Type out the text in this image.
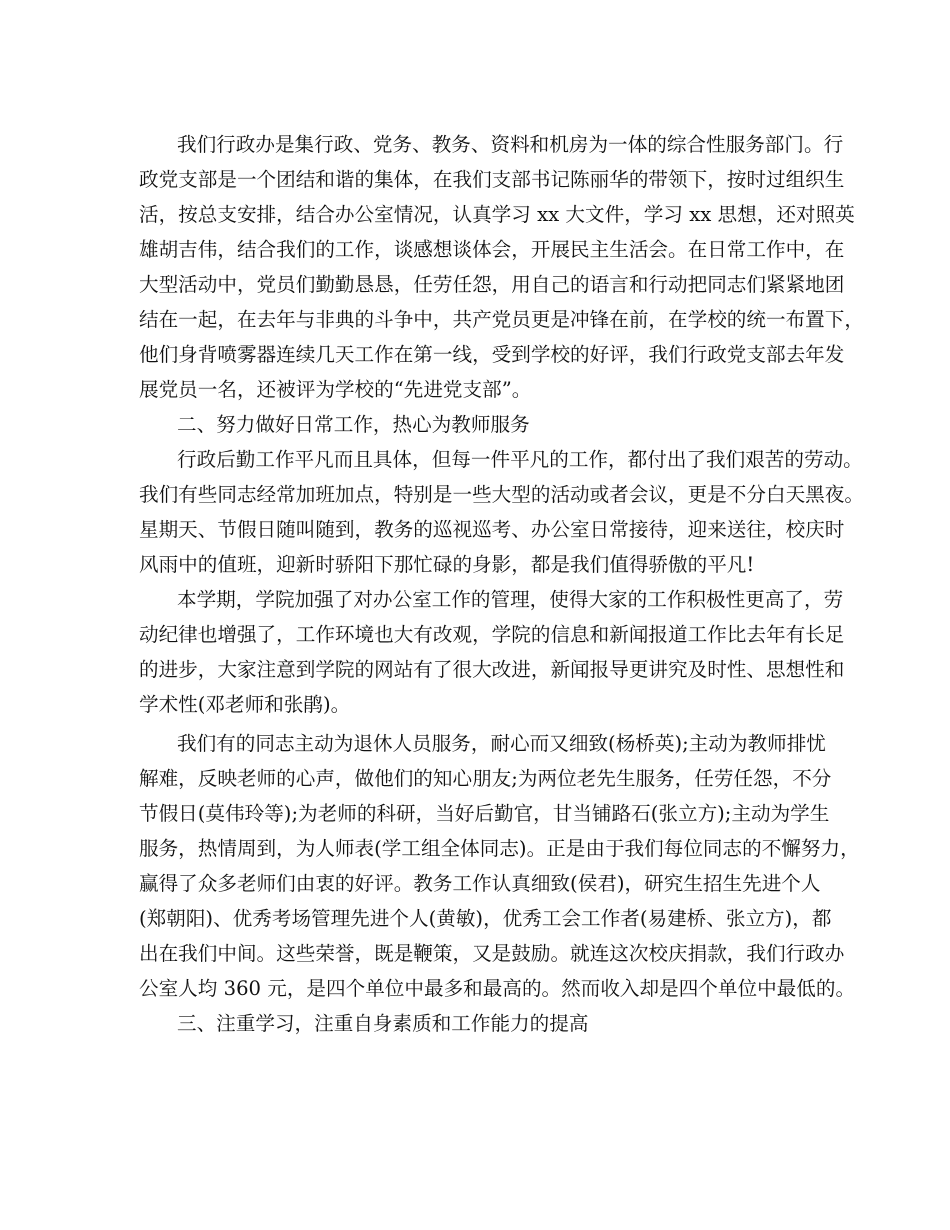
我们行政办是集行政、党务、教务、资料和机房为一体的综合性服务部门。行
政党支部是一个团结和谐的集体，在我们支部书记陈丽华的带领下，按时过组织生
活，按总支安排，结合办公室情况，认真学习 xx 大文件，学习 xx 思想，还对照英
雄胡吉伟，结合我们的工作，谈感想谈体会，开展民主生活会。在日常工作中，在
大型活动中，党员们勤勤恳恳，任劳任怨，用自己的语言和行动把同志们紧紧地团
结在一起，在去年与非典的斗争中，共产党员更是冲锋在前，在学校的统一布置下，
他们身背喷雾器连续几天工作在第一线，受到学校的好评，我们行政党支部去年发
展党员一名，还被评为学校的“先进党支部”。
二、努力做好日常工作，热心为教师服务
行政后勤工作平凡而且具体，但每一件平凡的工作，都付出了我们艰苦的劳动。
我们有些同志经常加班加点，特别是一些大型的活动或者会议，更是不分白天黑夜。
星期天、节假日随叫随到，教务的巡视巡考、办公室日常接待，迎来送往，校庆时
风雨中的值班，迎新时骄阳下那忙碌的身影，都是我们值得骄傲的平凡!
本学期，学院加强了对办公室工作的管理，使得大家的工作积极性更高了，劳
动纪律也增强了，工作环境也大有改观，学院的信息和新闻报道工作比去年有长足
的进步，大家注意到学院的网站有了很大改进，新闻报导更讲究及时性、思想性和
学术性(邓老师和张鹃)。
我们有的同志主动为退休人员服务，耐心而又细致(杨桥英);主动为教师排忧
解难，反映老师的心声，做他们的知心朋友;为两位老先生服务，任劳任怨，不分
节假日(莫伟玲等);为老师的科研，当好后勤官，甘当铺路石(张立方);主动为学生
服务，热情周到，为人师表(学工组全体同志)。正是由于我们每位同志的不懈努力，
赢得了众多老师们由衷的好评。教务工作认真细致(侯君)，研究生招生先进个人
(郑朝阳)、优秀考场管理先进个人(黄敏)，优秀工会工作者(易建桥、张立方)，都
出在我们中间。这些荣誉，既是鞭策，又是鼓励。就连这次校庆捐款，我们行政办
公室人均 360 元，是四个单位中最多和最高的。然而收入却是四个单位中最低的。
三、注重学习，注重自身素质和工作能力的提高
